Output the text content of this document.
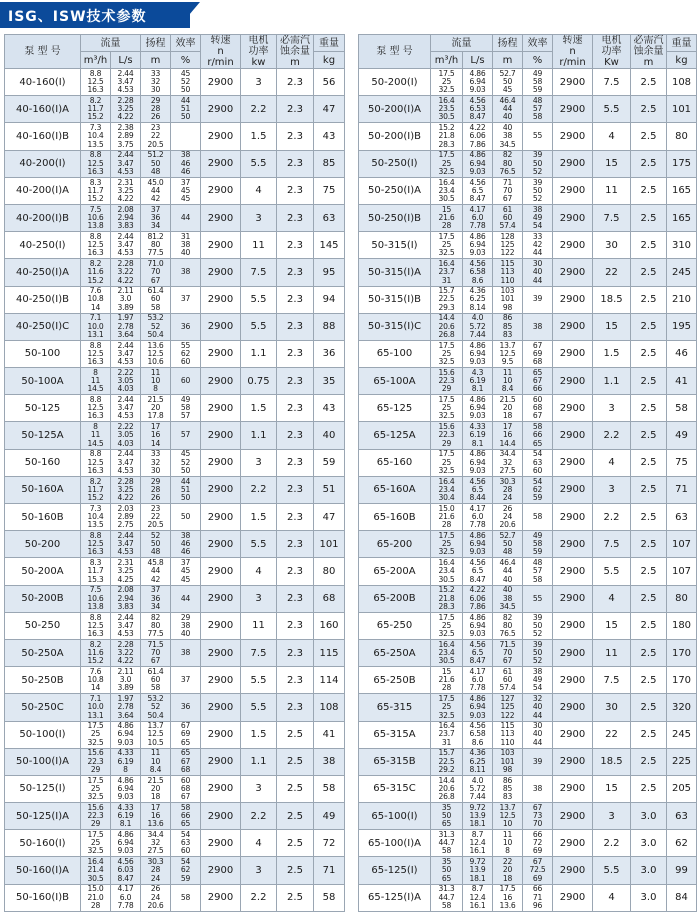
ISG、ISW技术参数
泵 型 号	流量		扬程	效率	转速
n
r/min	电机
功率
kw	必需汽
蚀余量
m	重量
	m³/h	L/s	m	%				kg
40-160(I)	8.8
12.5
16.3	2.44
3.47
4.53	33
32
30	45
52
50	2900	3	2.3	56
40-160(I)A	8.2
11.7
15.2	2.28
3.25
4.22	29
28
26	44
51
50	2900	2.2	2.3	47
40-160(I)B	7.3
10.4
13.5	2.38
2.89
3.75	23
22
20.5		2900	1.5	2.3	43
40-200(I)	8.8
12.5
16.3	2.44
3.47
4.53	51.2
50
48	38
46
46	2900	5.5	2.3	85
40-200(I)A	8.3
11.7
15.2	2.31
3.25
4.22	45.0
44
42	37
45
45	2900	4	2.3	75
40-200(I)B	7.5
10.6
13.8	2.08
2.94
3.83	37
36
34	44	2900	3	2.3	63
40-250(I)	8.8
12.5
16.3	2.44
3.47
4.53	81.2
80
77.5	31
38
40	2900	11	2.3	145
40-250(I)A	8.2
11.6
15.2	2.28
3.22
4.22	71.0
70
67	38	2900	7.5	2.3	95
40-250(I)B	7.6
10.8
14	2.11
3.0
3.89	61.4
60
58	37	2900	5.5	2.3	94
40-250(I)C	7.1
10.0
13.1	1.97
2.78
3.64	53.2
52
50.4	36	2900	5.5	2.3	88
50-100	8.8
12.5
16.3	2.44
3.47
4.53	13.6
12.5
10.6	55
62
60	2900	1.1	2.3	36
50-100A	8
11
14.5	2.22
3.05
4.03	11
10
8	60	2900	0.75	2.3	35
50-125	8.8
12.5
16.3	2.44
3.47
4.53	21.5
20
17.8	49
58
57	2900	1.5	2.3	43
50-125A	8
11
14.5	2.22
3.05
4.03	17
16
14	57	2900	1.1	2.3	40
50-160	8.8
12.5
16.3	2.44
3.47
4.53	33
32
30	45
52
50	2900	3	2.3	59
50-160A	8.2
11.7
15.2	2.28
3.25
4.22	29
28
26	44
51
50	2900	2.2	2.3	51
50-160B	7.3
10.4
13.5	2.03
2.89
2.75	23
22
20.5	50	2900	1.5	2.3	47
50-200	8.8
12.5
16.3	2.44
3.47
4.53	52
50
48	38
46
46	2900	5.5	2.3	101
50-200A	8.3
11.7
15.3	2.31
3.25
4.25	45.8
44
42	37
45
45	2900	4	2.3	80
50-200B	7.5
10.6
13.8	2.08
2.94
3.83	37
36
34	44	2900	3	2.3	68
50-250	8.8
12.5
16.3	2.44
3.47
4.53	82
80
77.5	29
38
40	2900	11	2.3	160
50-250A	8.2
11.6
15.2	2.28
3.22
4.22	71.5
70
67	38	2900	7.5	2.3	115
50-250B	7.6
10.8
14	2.11
3.0
3.89	61.4
60
58	37	2900	5.5	2.3	114
50-250C	7.1
10.0
13.1	1.97
2.78
3.64	53.2
52
50.4	36	2900	5.5	2.3	108
50-100(I)	17.5
25
32.5	4.86
6.94
9.03	13.7
12.5
10.5	67
69
65	2900	1.5	2.5	41
50-100(I)A	15.6
22.3
29	4.33
6.19
8	11
10
8.4	65
67
68	2900	1.1	2.5	38
50-125(I)	17.5
25
32.5	4.86
6.94
9.03	21.5
20
18	60
68
67	2900	3	2.5	58
50-125(I)A	15.6
22.3
29	4.33
6.19
8.1	17
16
13.6	58
66
65	2900	2.2	2.5	49
50-160(I)	17.5
25
32.5	4.86
6.94
9.03	34.4
32
27.5	54
63
60	2900	4	2.5	72
50-160(I)A	16.4
21.4
30.5	4.56
6.03
8.47	30.3
28
24	54
62
59	2900	3	2.5	71
50-160(I)B	15.0
21.0
28	4.17
6.0
7.78	26
24
20.6	58	2900	2.2	2.5	58
泵 型 号	流量		扬程	效率	转速
n
r/min	电机
功率
Kw	必需汽
蚀余量
m	重量
	m³/h	L/s	m	%				kg
50-200(I)	17.5
25
32.5	4.86
6.94
9.03	52.7
50
45	49
58
59	2900	7.5	2.5	108
50-200(I)A	16.4
23.5
30.5	4.56
6.53
8.47	46.4
44
40	48
57
58	2900	5.5	2.5	101
50-200(I)B	15.2
21.8
28.3	4.22
6.06
7.86	40
38
34.5	55	2900	4	2.5	80
50-250(I)	17.5
25
32.5	4.86
6.94
9.03	82
80
76.5	39
50
52	2900	15	2.5	175
50-250(I)A	16.4
23.4
30.5	4.56
6.5
8.47	71
70
67	39
50
52	2900	11	2.5	165
50-250(I)B	15
21.6
28	4.17
6.0
7.78	61
60
57.4	38
49
54	2900	7.5	2.5	165
50-315(I)	17.5
25
32.5	4.86
6.94
9.03	128
125
122	33
42
44	2900	30	2.5	310
50-315(I)A	16.4
23.7
31	4.56
6.58
8.6	115
113
110	30
40
44	2900	22	2.5	245
50-315(I)B	15.7
22.5
29.3	4.36
6.25
8.14	103
101
98	39	2900	18.5	2.5	210
50-315(I)C	14.4
20.6
26.8	4.0
5.72
7.44	86
85
83	38	2900	15	2.5	195
65-100	17.5
25
32.5	4.86
6.94
9.03	13.7
12.5
9.5	67
69
68	2900	1.5	2.5	46
65-100A	15.6
22.3
29	4.3
6.19
8.1	11
10
8.4	65
67
66	2900	1.1	2.5	41
65-125	17.5
25
32.5	4.86
6.94
9.03	21.5
20
18	60
68
67	2900	3	2.5	58
65-125A	15.6
22.3
29	4.33
6.19
8.1	17
16
14.4	58
66
65	2900	2.2	2.5	49
65-160	17.5
25
32.5	4.86
6.94
9.03	34.4
32
27.5	54
63
60	2900	4	2.5	75
65-160A	16.4
23.4
30.4	4.56
6.5
8.44	30.3
28
24	54
62
59	2900	3	2.5	71
65-160B	15.0
21.6
28	4.17
6.0
7.78	26
24
20.6	58	2900	2.2	2.5	63
65-200	17.5
25
32.5	4.86
6.94
9.03	52.7
50
48	49
58
59	2900	7.5	2.5	107
65-200A	16.4
23.4
30.5	4.56
6.5
8.47	46.4
44
40	48
57
58	2900	5.5	2.5	107
65-200B	15.2
21.8
28.3	4.22
6.06
7.86	40
38
34.5	55	2900	4	2.5	80
65-250	17.5
25
32.5	4.86
6.94
9.03	82
80
76.5	39
50
52	2900	15	2.5	180
65-250A	16.4
23.4
30.5	4.56
6.5
8.47	71.5
70
67	39
50
52	2900	11	2.5	170
65-250B	15
21.6
28	4.17
6.0
7.78	61
60
57.4	38
49
54	2900	7.5	2.5	170
65-315	17.5
25
32.5	4.86
6.94
9.03	127
125
122	32
40
44	2900	30	2.5	320
65-315A	16.4
23.7
31	4.56
6.58
8.6	115
113
110	30
40
44	2900	22	2.5	245
65-315B	15.7
22.5
29.2	4.36
6.25
8.11	103
101
98	39	2900	18.5	2.5	225
65-315C	14.4
20.6
26.8	4.0
5.72
7.44	86
85
83	38	2900	15	2.5	205
65-100(I)	35
50
65	9.72
13.9
18.1	13.7
12.5
10	67
73
70	2900	3	3.0	63
65-100(I)A	31.3
44.7
58	8.7
12.4
16.1	11
10
8	66
72
69	2900	2.2	3.0	62
65-125(I)	35
50
65	9.72
13.9
18.1	22
20
18	67
72.5
69	2900	5.5	3.0	99
65-125(I)A	31.3
44.7
58	8.7
12.4
16.1	17.5
16
13.6	66
71
96	2900	4	3.0	84
